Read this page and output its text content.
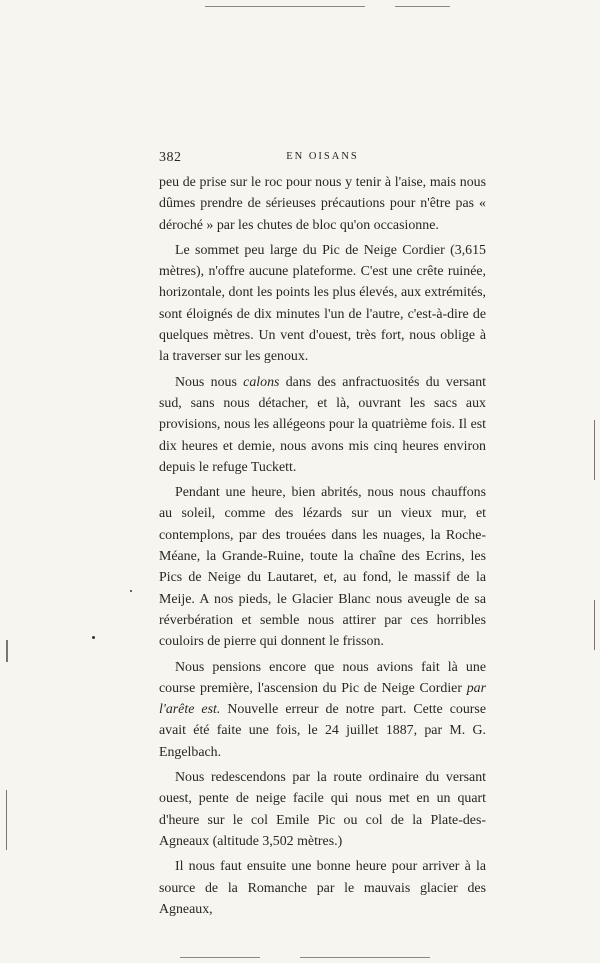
382	EN OISANS

peu de prise sur le roc pour nous y tenir à l'aise, mais nous dûmes prendre de sérieuses précautions pour n'être pas « déroché » par les chutes de bloc qu'on occasionne.

Le sommet peu large du Pic de Neige Cordier (3,615 mètres), n'offre aucune plateforme. C'est une crête ruinée, horizontale, dont les points les plus élevés, aux extrémités, sont éloignés de dix minutes l'un de l'autre, c'est-à-dire de quelques mètres. Un vent d'ouest, très fort, nous oblige à la traverser sur les genoux.

Nous nous calons dans des anfractuosités du versant sud, sans nous détacher, et là, ouvrant les sacs aux provisions, nous les allégeons pour la quatrième fois. Il est dix heures et demie, nous avons mis cinq heures environ depuis le refuge Tuckett.

Pendant une heure, bien abrités, nous nous chauffons au soleil, comme des lézards sur un vieux mur, et contemplons, par des trouées dans les nuages, la Roche-Méane, la Grande-Ruine, toute la chaîne des Ecrins, les Pics de Neige du Lautaret, et, au fond, le massif de la Meije. A nos pieds, le Glacier Blanc nous aveugle de sa réverbération et semble nous attirer par ces horribles couloirs de pierre qui donnent le frisson.

Nous pensions encore que nous avions fait là une course première, l'ascension du Pic de Neige Cordier par l'arête est. Nouvelle erreur de notre part. Cette course avait été faite une fois, le 24 juillet 1887, par M. G. Engelbach.

Nous redescendons par la route ordinaire du versant ouest, pente de neige facile qui nous met en un quart d'heure sur le col Emile Pic ou col de la Plate-des-Agneaux (altitude 3,502 mètres.)

Il nous faut ensuite une bonne heure pour arriver à la source de la Romanche par le mauvais glacier des Agneaux,
